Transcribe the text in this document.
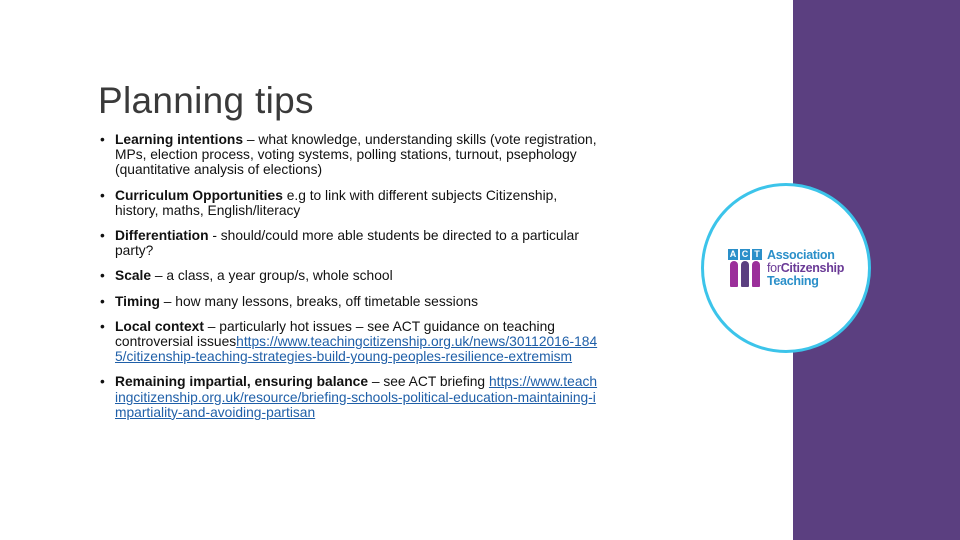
Planning tips
• Learning intentions – what knowledge, understanding skills (vote registration, MPs, election process, voting systems, polling stations, turnout, psephology (quantitative analysis of elections)
• Curriculum Opportunities e.g to link with different subjects Citizenship, history, maths, English/literacy
• Differentiation - should/could more able students be directed to a particular party?
• Scale – a class, a year group/s, whole school
• Timing – how many lessons, breaks, off timetable sessions
• Local context – particularly hot issues – see ACT guidance on teaching controversial issueshttps://www.teachingcitizenship.org.uk/news/30112016-1845/citizenship-teaching-strategies-build-young-peoples-resilience-extremism
• Remaining impartial, ensuring balance – see ACT briefing https://www.teachingcitizenship.org.uk/resource/briefing-schools-political-education-maintaining-impartiality-and-avoiding-partisan
A C T Association
forCitizenship
Teaching
